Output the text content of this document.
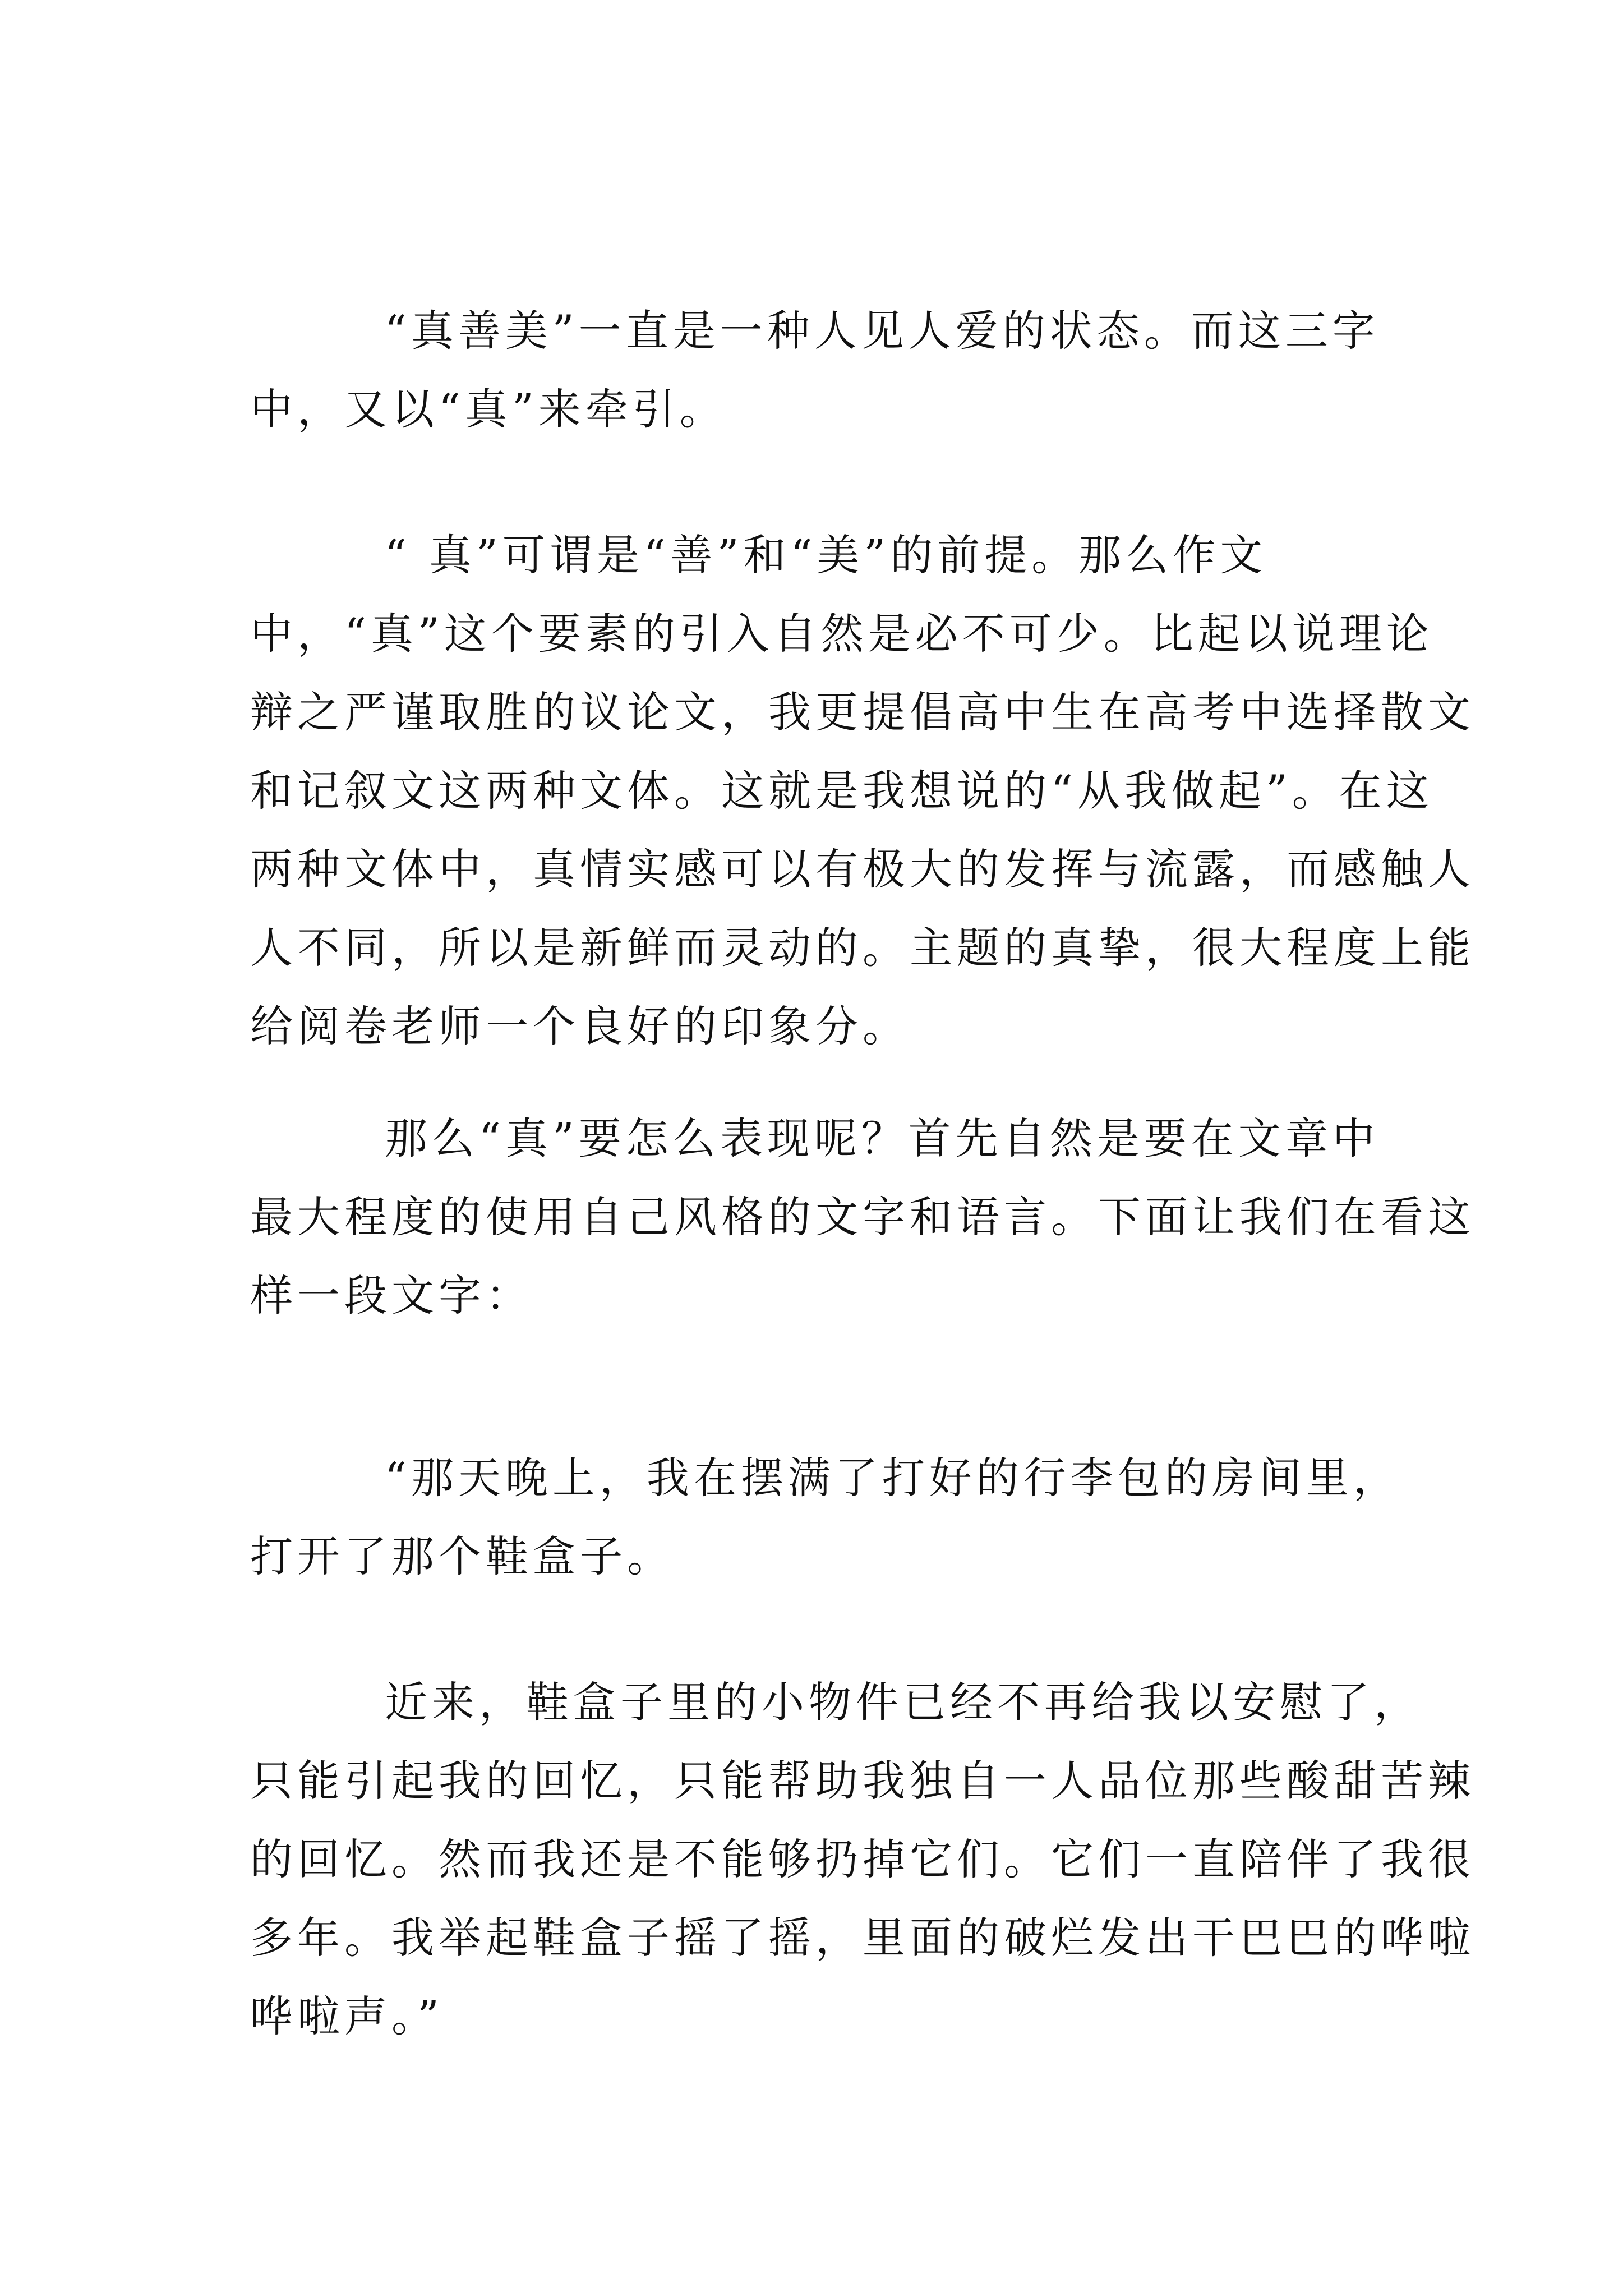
“真善美”一直是一种人见人爱的状态。而这三字
中，又以“真”来牵引。
“ 真”可谓是“善”和“美”的前提。那么作文
中，“真”这个要素的引入自然是必不可少。比起以说理论
辩之严谨取胜的议论文，我更提倡高中生在高考中选择散文
和记叙文这两种文体。这就是我想说的“从我做起”。在这
两种文体中，真情实感可以有极大的发挥与流露，而感触人
人不同，所以是新鲜而灵动的。主题的真挚，很大程度上能
给阅卷老师一个良好的印象分。
那么“真”要怎么表现呢？首先自然是要在文章中
最大程度的使用自己风格的文字和语言。下面让我们在看这
样一段文字：
“那天晚上，我在摆满了打好的行李包的房间里，
打开了那个鞋盒子。
近来，鞋盒子里的小物件已经不再给我以安慰了，
只能引起我的回忆，只能帮助我独自一人品位那些酸甜苦辣
的回忆。然而我还是不能够扔掉它们。它们一直陪伴了我很
多年。我举起鞋盒子摇了摇，里面的破烂发出干巴巴的哗啦
哗啦声。”
